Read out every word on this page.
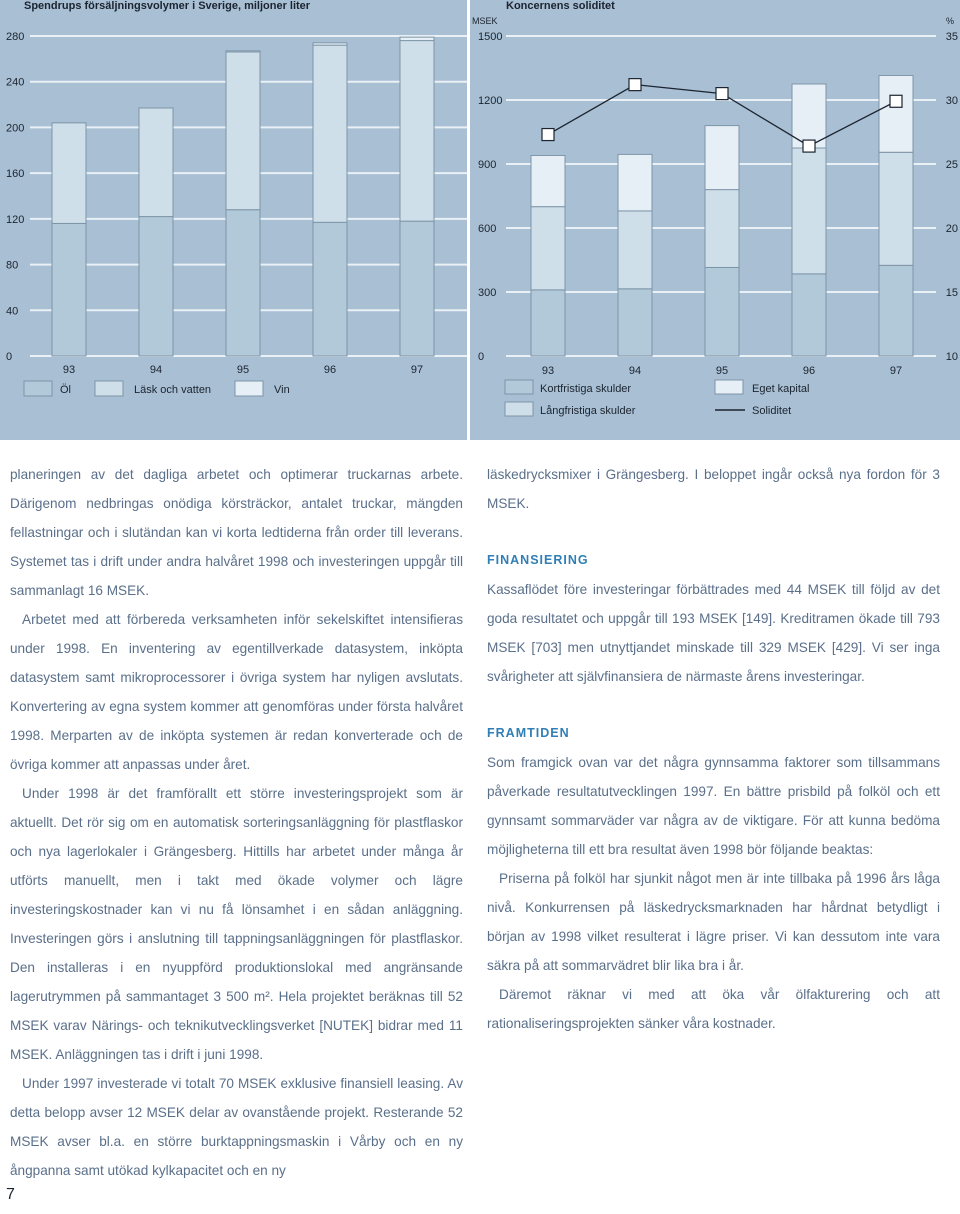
Spendrups försäljningsvolymer i Sverige, miljoner liter
280
240
200
160
120
80
40
0
93	94	95	96	97
Öl	Läsk och vatten	Vin
Koncernens soliditet
MSEK	%
1500	35
1200	30
900	25
600	20
300	15
0	10
93	94	95	96	97
Kortfristiga skulder
Långfristiga skulder
Eget kapital
Soliditet

planeringen av det dagliga arbetet och optimerar truckarnas arbete. Därigenom nedbringas onödiga körsträckor, antalet truckar, mängden fellastningar och i slutändan kan vi korta ledtiderna från order till leverans. Systemet tas i drift under andra halvåret 1998 och investeringen uppgår till sammanlagt 16 MSEK.

Arbetet med att förbereda verksamheten inför sekelskiftet intensifieras under 1998. En inventering av egentillverkade datasystem, inköpta datasystem samt mikroprocessorer i övriga system har nyligen avslutats. Konvertering av egna system kommer att genomföras under första halvåret 1998. Merparten av de inköpta systemen är redan konverterade och de övriga kommer att anpassas under året.

Under 1998 är det framförallt ett större investeringsprojekt som är aktuellt. Det rör sig om en automatisk sorteringsanläggning för plastflaskor och nya lagerlokaler i Grängesberg. Hittills har arbetet under många år utförts manuellt, men i takt med ökade volymer och lägre investeringskostnader kan vi nu få lönsamhet i en sådan anläggning. Investeringen görs i anslutning till tappningsanläggningen för plastflaskor. Den installeras i en nyuppförd produktionslokal med angränsande lagerutrymmen på sammantaget 3 500 m². Hela projektet beräknas till 52 MSEK varav Närings- och teknikutvecklingsverket [NUTEK] bidrar med 11 MSEK. Anläggningen tas i drift i juni 1998.

Under 1997 investerade vi totalt 70 MSEK exklusive finansiell leasing. Av detta belopp avser 12 MSEK delar av ovanstående projekt. Resterande 52 MSEK avser bl.a. en större burktappningsmaskin i Vårby och en ny ångpanna samt utökad kylkapacitet och en ny

läskedrycksmixer i Grängesberg. I beloppet ingår också nya fordon för 3 MSEK.

FINANSIERING

Kassaflödet före investeringar förbättrades med 44 MSEK till följd av det goda resultatet och uppgår till 193 MSEK [149]. Kreditramen ökade till 793 MSEK [703] men utnyttjandet minskade till 329 MSEK [429]. Vi ser inga svårigheter att självfinansiera de närmaste årens investeringar.

FRAMTIDEN

Som framgick ovan var det några gynnsamma faktorer som tillsammans påverkade resultatutvecklingen 1997. En bättre prisbild på folköl och ett gynnsamt sommarväder var några av de viktigare. För att kunna bedöma möjligheterna till ett bra resultat även 1998 bör följande beaktas:

Priserna på folköl har sjunkit något men är inte tillbaka på 1996 års låga nivå. Konkurrensen på läskedrycksmarknaden har hårdnat betydligt i början av 1998 vilket resulterat i lägre priser. Vi kan dessutom inte vara säkra på att sommarvädret blir lika bra i år.

Däremot räknar vi med att öka vår ölfakturering och att rationaliseringsprojekten sänker våra kostnader.

7
